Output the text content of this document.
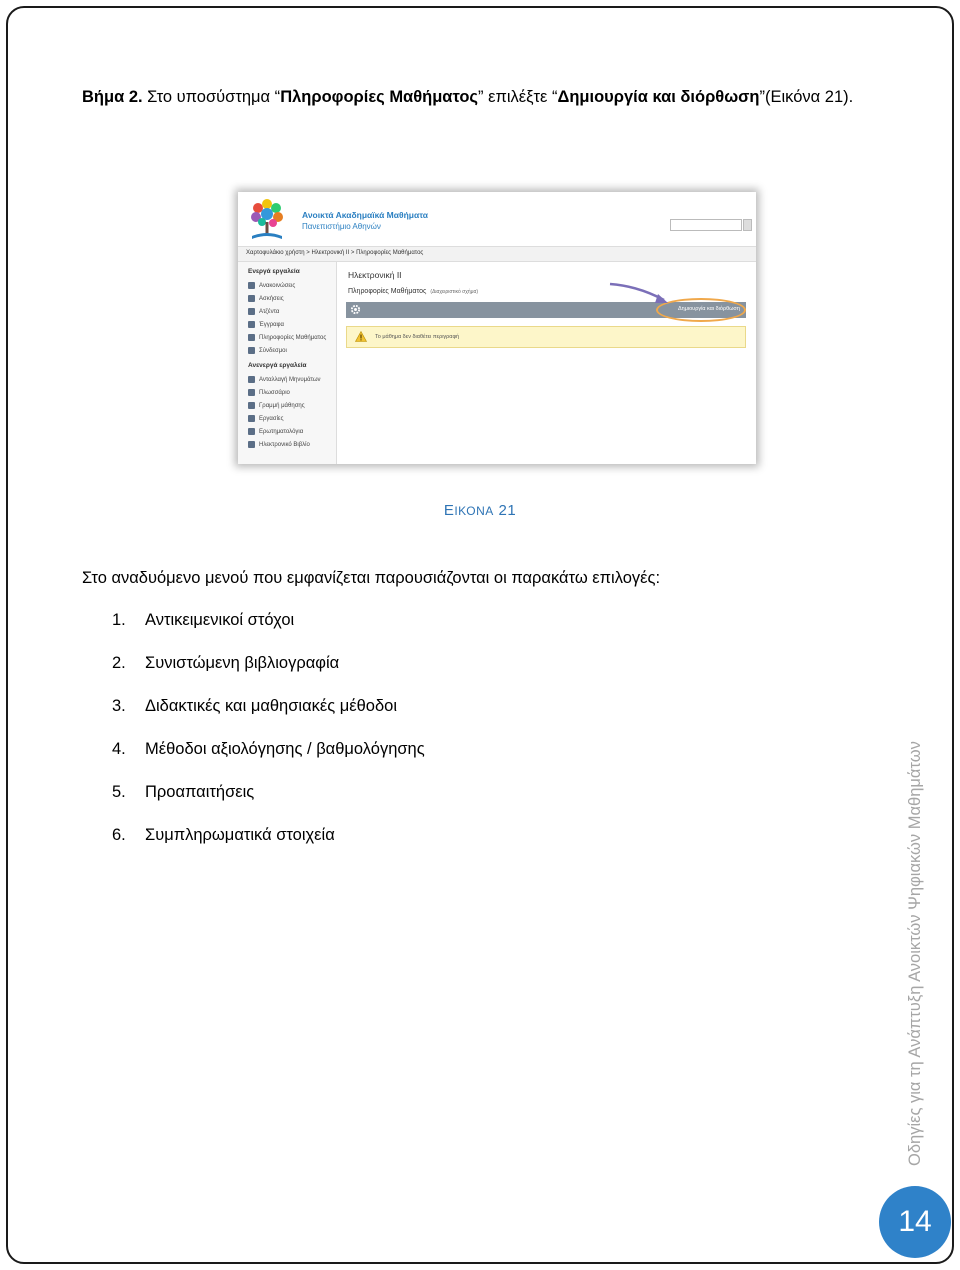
Βήμα 2. Στο υποσύστημα “Πληροφορίες Μαθήματος” επιλέξτε “Δημιουργία και διόρθωση”(Εικόνα 21).
Ανοικτά Ακαδημαϊκά Μαθήματα
Πανεπιστήμιο Αθηνών
Χαρτοφυλάκιο χρήστη > Ηλεκτρονική ΙΙ > Πληροφορίες Μαθήματος
Ενεργά εργαλεία
Ανακοινώσεις
Ασκήσεις
Ατζέντα
Έγγραφα
Πληροφορίες Μαθήματος
Σύνδεσμοι
Ανενεργά εργαλεία
Ανταλλαγή Μηνυμάτων
Πλωσσάριο
Γραμμή μάθησης
Εργασίες
Ερωτηματολόγια
Ηλεκτρονικό Βιβλίο
Ηλεκτρονική ΙΙ
Πληροφορίες Μαθήματος (Διαχειριστικό σχήμα)
Δημιουργία και διόρθωση
Το μάθημα δεν διαθέτει περιγραφή
ΕΙΚΟΝΑ 21
Στο αναδυόμενο μενού που εμφανίζεται παρουσιάζονται οι παρακάτω επιλογές:
1.	Αντικειμενικοί στόχοι
2.	Συνιστώμενη βιβλιογραφία
3.	Διδακτικές και μαθησιακές μέθοδοι
4.	Μέθοδοι αξιολόγησης / βαθμολόγησης
5.	Προαπαιτήσεις
6.	Συμπληρωματικά στοιχεία	Οδηγίες για τη Ανάπτυξη Ανοικτών Ψηφιακών Μαθημάτων
14
